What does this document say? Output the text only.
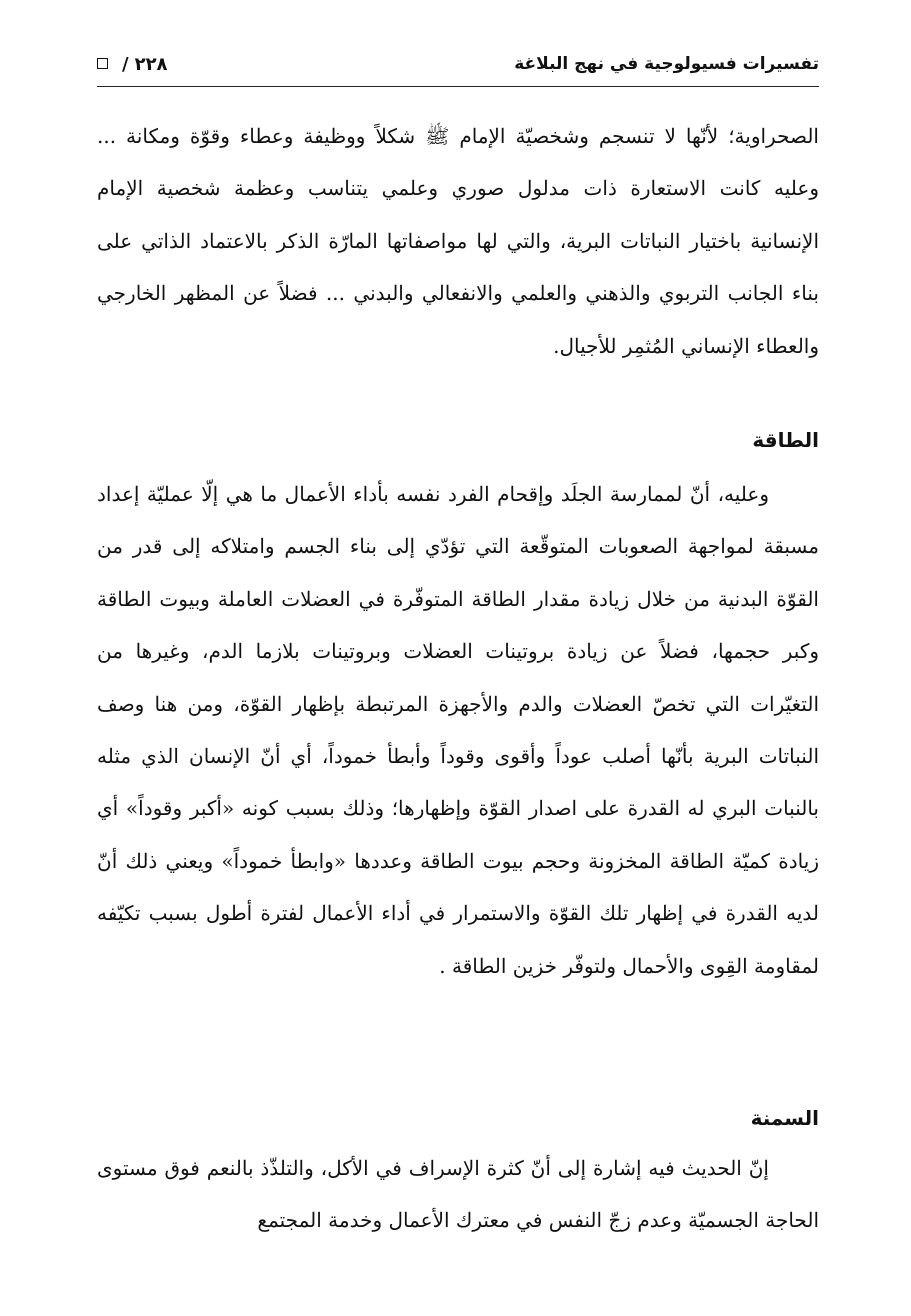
تفسيرات فسيولوجية في نهج البلاغة
/ ٢٢٨

الصحراوية؛ لأنّها لا تنسجم وشخصيّة الإمام ﷺ شكلاً ووظيفة وعطاء وقوّة ومكانة ... وعليه كانت الاستعارة ذات مدلول صوري وعلمي يتناسب وعظمة شخصية الإمام الإنسانية باختيار النباتات البرية، والتي لها مواصفاتها المارّة الذكر بالاعتماد الذاتي على بناء الجانب التربوي والذهني والعلمي والانفعالي والبدني ... فضلاً عن المظهر الخارجي والعطاء الإنساني المُثمِر للأجيال.

الطاقة

وعليه، أنّ لممارسة الجلَد وإقحام الفرد نفسه بأداء الأعمال ما هي إلّا عمليّة إعداد مسبقة لمواجهة الصعوبات المتوقّعة التي تؤدّي إلى بناء الجسم وامتلاكه إلى قدر من القوّة البدنية من خلال زيادة مقدار الطاقة المتوفّرة في العضلات العاملة وبيوت الطاقة وكبر حجمها، فضلاً عن زيادة بروتينات العضلات وبروتينات بلازما الدم، وغيرها من التغيّرات التي تخصّ العضلات والدم والأجهزة المرتبطة بإظهار القوّة، ومن هنا وصف النباتات البرية بأنّها أصلب عوداً وأقوى وقوداً وأبطأ خموداً، أي أنّ الإنسان الذي مثله بالنبات البري له القدرة على اصدار القوّة وإظهارها؛ وذلك بسبب كونه «أكبر وقوداً» أي زيادة كميّة الطاقة المخزونة وحجم بيوت الطاقة وعددها «وابطأ خموداً» ويعني ذلك أنّ لديه القدرة في إظهار تلك القوّة والاستمرار في أداء الأعمال لفترة أطول بسبب تكيّفه لمقاومة القِوى والأحمال ولتوفّر خزين الطاقة .

السمنة

إنّ الحديث فيه إشارة إلى أنّ كثرة الإسراف في الأكل، والتلذّذ بالنعم فوق مستوى الحاجة الجسميّة وعدم زجّ النفس في معترك الأعمال وخدمة المجتمع
